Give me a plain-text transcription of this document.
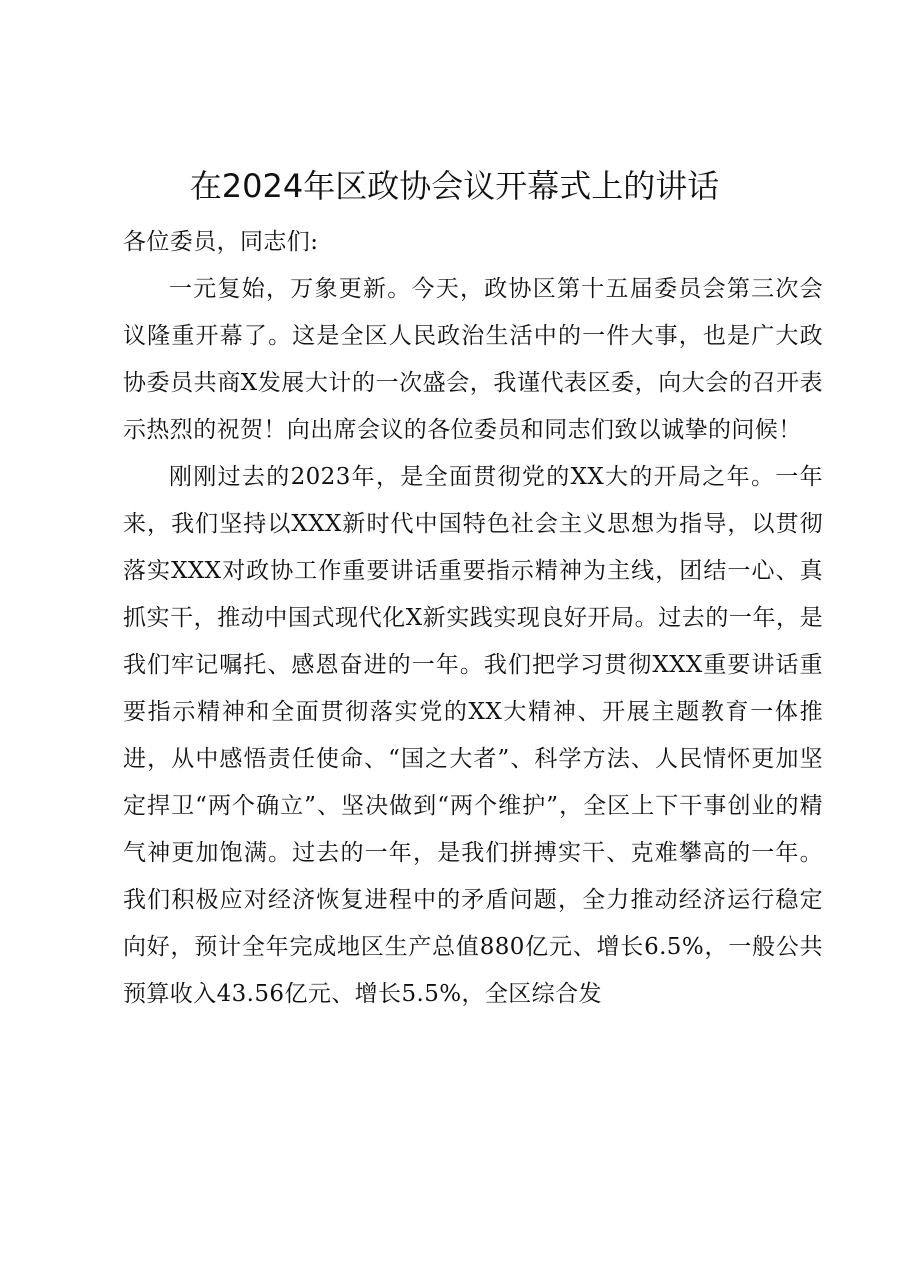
在2024年区政协会议开幕式上的讲话

各位委员，同志们:

一元复始，万象更新。今天，政协区第十五届委员会第三次会议隆重开幕了。这是全区人民政治生活中的一件大事，也是广大政协委员共商X发展大计的一次盛会，我谨代表区委，向大会的召开表示热烈的祝贺！向出席会议的各位委员和同志们致以诚挚的问候！

刚刚过去的2023年，是全面贯彻党的XX大的开局之年。一年来，我们坚持以XXX新时代中国特色社会主义思想为指导，以贯彻落实XXX对政协工作重要讲话重要指示精神为主线，团结一心、真抓实干，推动中国式现代化X新实践实现良好开局。过去的一年，是我们牢记嘱托、感恩奋进的一年。我们把学习贯彻XXX重要讲话重要指示精神和全面贯彻落实党的XX大精神、开展主题教育一体推进，从中感悟责任使命、“国之大者”、科学方法、人民情怀更加坚定捍卫“两个确立”、坚决做到“两个维护”，全区上下干事创业的精气神更加饱满。过去的一年，是我们拼搏实干、克难攀高的一年。我们积极应对经济恢复进程中的矛盾问题，全力推动经济运行稳定向好，预计全年完成地区生产总值880亿元、增长6.5%，一般公共预算收入43.56亿元、增长5.5%，全区综合发
